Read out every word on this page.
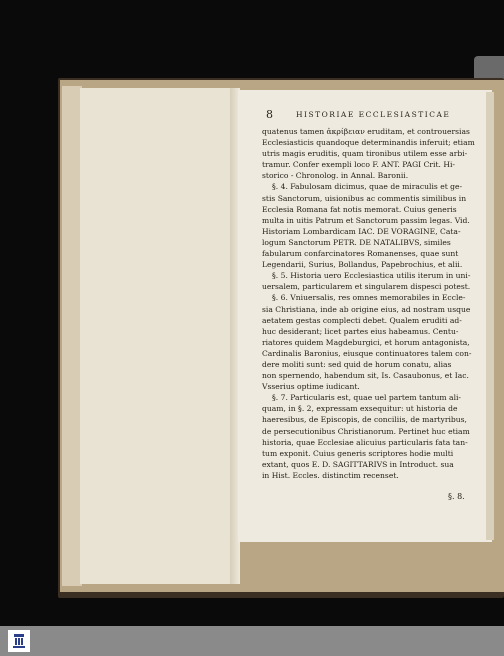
8	HISTORIAE ECCLESIASTICAE

quatenus tamen ἀκρίβειαν eruditam, et controuersias

Ecclesiasticis quandoque determinandis inferuit; etiam

utris magis eruditis, quam tironibus utilem esse arbi-

tramur. Confer exempli loco F. ANT. PAGI Crit. Hi-

storico - Chronolog. in Annal. Baronii.

§. 4. Fabulosam dicimus, quae de miraculis et ge-

stis Sanctorum, uisionibus ac commentis similibus in

Ecclesia Romana fat notis memorat. Cuius generis

multa in uitis Patrum et Sanctorum passim legas. Vid.

Historiam Lombardicam IAC. DE VORAGINE, Cata-

logum Sanctorum PETR. DE NATALIBVS, similes

fabularum confarcinatores Romanenses, quae sunt

Legendarii, Surius, Bollandus, Papebrochius, et alii.

§. 5. Historia uero Ecclesiastica utilis iterum in uni-

uersalem, particularem et singularem dispesci potest.

§. 6. Vniuersalis, res omnes memorabiles in Eccle-

sia Christiana, inde ab origine eius, ad nostram usque

aetatem gestas complecti debet. Qualem eruditi ad-

huc desiderant; licet partes eius habeamus. Centu-

riatores quidem Magdeburgici, et horum antagonista,

Cardinalis Baronius, eiusque continuatores talem con-

dere moliti sunt: sed quid de horum conatu, alias

non spernendo, habendum sit, Is. Casaubonus, et Iac.

Vsserius optime iudicant.

§. 7. Particularis est, quae uel partem tantum ali-

quam, in §. 2, expressam exsequitur: ut historia de

haeresibus, de Episcopis, de conciliis, de martyribus,

de persecutionibus Christianorum. Pertinet huc etiam

historia, quae Ecclesiae alicuius particularis fata tan-

tum exponit. Cuius generis scriptores hodie multi

extant, quos E. D. SAGITTARIVS in Introduct. sua

in Hist. Eccles. distinctim recenset.

§. 8.
